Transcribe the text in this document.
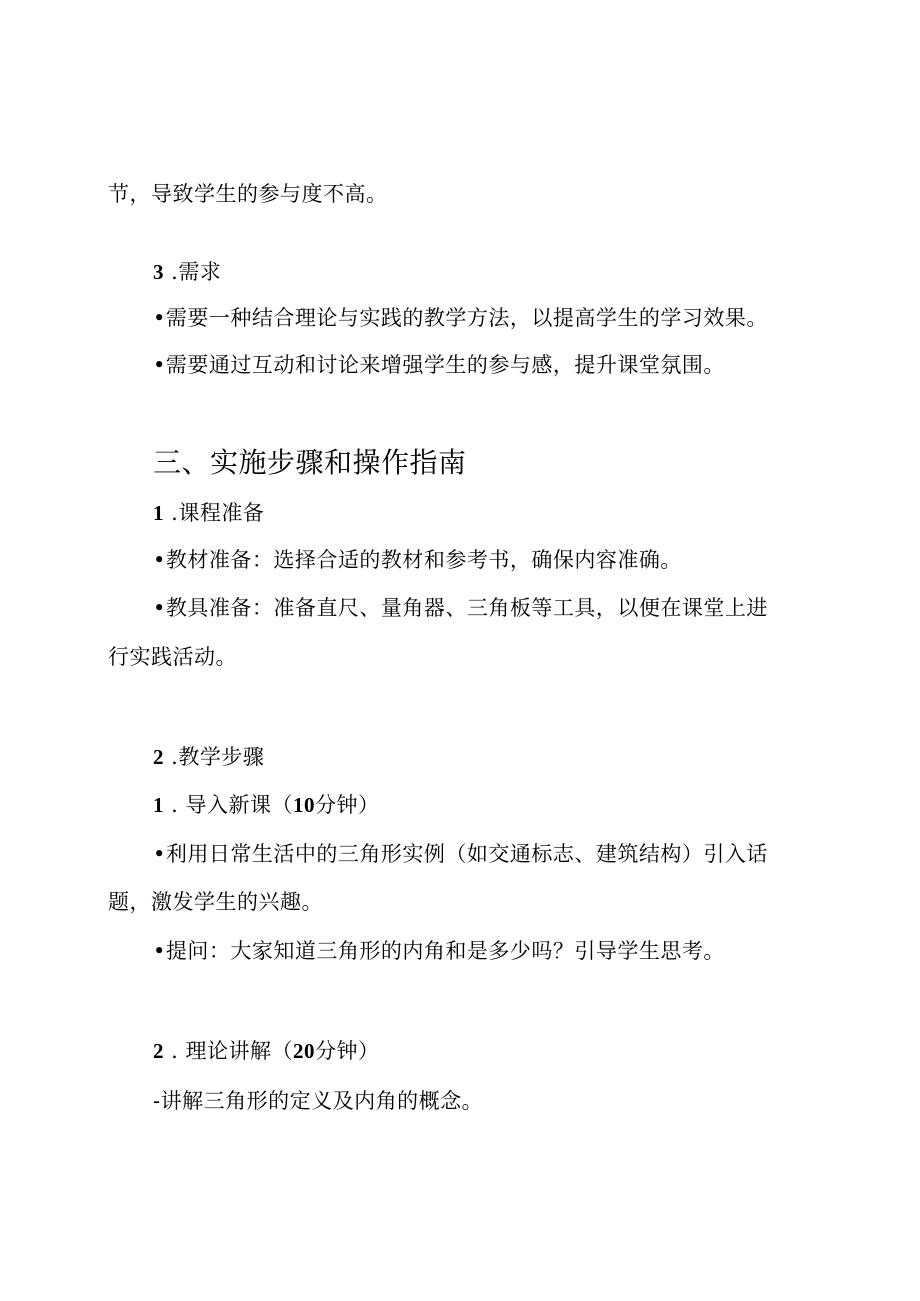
节，导致学生的参与度不高。
3 .需求
•需要一种结合理论与实践的教学方法，以提高学生的学习效果。
•需要通过互动和讨论来增强学生的参与感，提升课堂氛围。
三、实施步骤和操作指南
1 .课程准备
•教材准备：选择合适的教材和参考书，确保内容准确。
•教具准备：准备直尺、量角器、三角板等工具，以便在课堂上进
行实践活动。
2 .教学步骤
1 . 导入新课（10分钟）
•利用日常生活中的三角形实例（如交通标志、建筑结构）引入话
题，激发学生的兴趣。
•提问：大家知道三角形的内角和是多少吗？引导学生思考。
2 . 理论讲解（20分钟）
-讲解三角形的定义及内角的概念。
